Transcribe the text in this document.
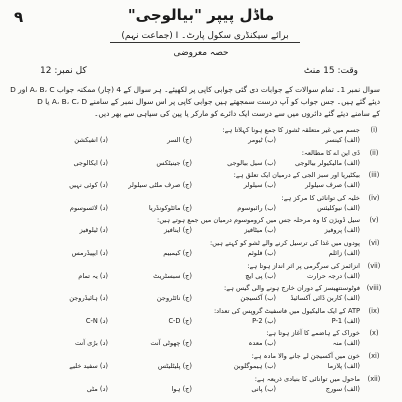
۹	ماڈل پیپر "بیالوجی"
برائے سیکنڈری سکول پارٹ۔ I (جماعت نہم)
حصہ معروضی
وقت: 15 منٹ
کل نمبر: 12
سوال نمبر 1۔ تمام سوالات کے جوابات دی گئی جوابی کاپی پر لکھیئے۔ ہر سوال کے 4 (چار) ممکنہ جواب A، B، C اور D
دیئے گئے ہیں۔ جس جواب کو آپ درست سمجھتے ہیں جوابی کاپی پر اس سوال نمبر کے سامنے A، B، C، D یا D
کے سامنے دیئے گئے دائروں میں سے درست ایک دائرے کو مارکر یا پین کی سیاہی سے بھر دیں۔
(i)
جسم میں غیر متعلقہ ٹشوز کا جمع ہونا کہلاتا ہے:
(الف) کینسر
(ب) ٹیومر
(ج) السر
(د) انفیکشن
(ii)
ڈی این اے کا مطالعہ:
(الف) مالیکیولر بیالوجی
(ب) سیل بیالوجی
(ج) جینیٹکس
(د) ایکالوجی
(iii)
بیکٹیریا اور سبز الجی کے درمیان ایک تعلق ہے:
(الف) صرف سیلولر
(ب) سیلولر
(ج) صرف ملٹی سیلولر
(د) کوئی نہیں
(iv)
خلیہ کی توانائی کا مرکز ہے:
(الف) نیوکلیئس
(ب) رائبوسوم
(ج) مائٹوکونڈریا
(د) لائسوسوم
(v)
سیل ڈویژن کا وہ مرحلہ جس میں کروموسوم درمیان میں جمع ہوتے ہیں:
(الف) پروفیز
(ب) میٹافیز
(ج) اینافیز
(د) ٹیلوفیز
(vi)
پودوں میں غذا کی ترسیل کرنے والے ٹشو کو کہتے ہیں:
(الف) زائلم
(ب) فلوئم
(ج) کیمبیم
(د) ایپیڈرمس
(vii)
انزائمز کی سرگرمی پر اثر انداز ہوتا ہے:
(الف) درجہ حرارت
(ب) پی ایچ
(ج) سبسٹریٹ
(د) یہ تمام
(viii)
فوٹوسنتھیسز کے دوران خارج ہونے والی گیس ہے:
(الف) کاربن ڈائی آکسائیڈ
(ب) آکسیجن
(ج) نائٹروجن
(د) ہائیڈروجن
(ix)
ATP کے ایک مالیکیول میں فاسفیٹ گروپس کی تعداد:
(الف) P-1
(ب) P-2
(ج) C-D
(د) C-N
(x)
خوراک کے ہاضمے کا آغاز ہوتا ہے:
(الف) منہ
(ب) معدہ
(ج) چھوٹی آنت
(د) بڑی آنت
(xi)
خون میں آکسیجن لے جانے والا مادہ ہے:
(الف) پلازما
(ب) ہیموگلوبن
(ج) پلیٹلیٹس
(د) سفید خلیے
(xii)
ماحول میں توانائی کا بنیادی ذریعہ ہے:
(الف) سورج
(ب) پانی
(ج) ہوا
(د) مٹی
